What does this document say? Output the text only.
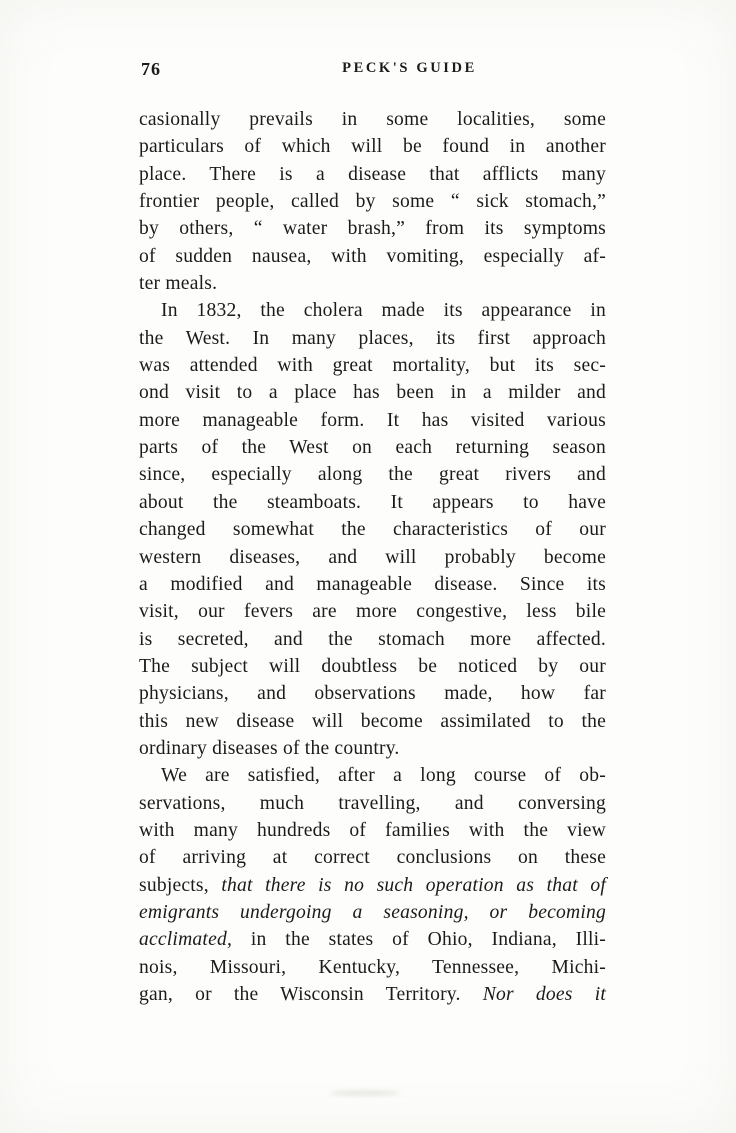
76	PECK'S GUIDE
casionally prevails in some localities, some
particulars of which will be found in another
place. There is a disease that afflicts many
frontier people, called by some “ sick stomach,”
by others, “ water brash,” from its symptoms
of sudden nausea, with vomiting, especially af-
ter meals.
In 1832, the cholera made its appearance in
the West. In many places, its first approach
was attended with great mortality, but its sec-
ond visit to a place has been in a milder and
more manageable form. It has visited various
parts of the West on each returning season
since, especially along the great rivers and
about the steamboats. It appears to have
changed somewhat the characteristics of our
western diseases, and will probably become
a modified and manageable disease. Since its
visit, our fevers are more congestive, less bile
is secreted, and the stomach more affected.
The subject will doubtless be noticed by our
physicians, and observations made, how far
this new disease will become assimilated to the
ordinary diseases of the country.
We are satisfied, after a long course of ob-
servations, much travelling, and conversing
with many hundreds of families with the view
of arriving at correct conclusions on these
subjects, that there is no such operation as that of
emigrants undergoing a seasoning, or becoming
acclimated, in the states of Ohio, Indiana, Illi-
nois, Missouri, Kentucky, Tennessee, Michi-
gan, or the Wisconsin Territory. Nor does it
